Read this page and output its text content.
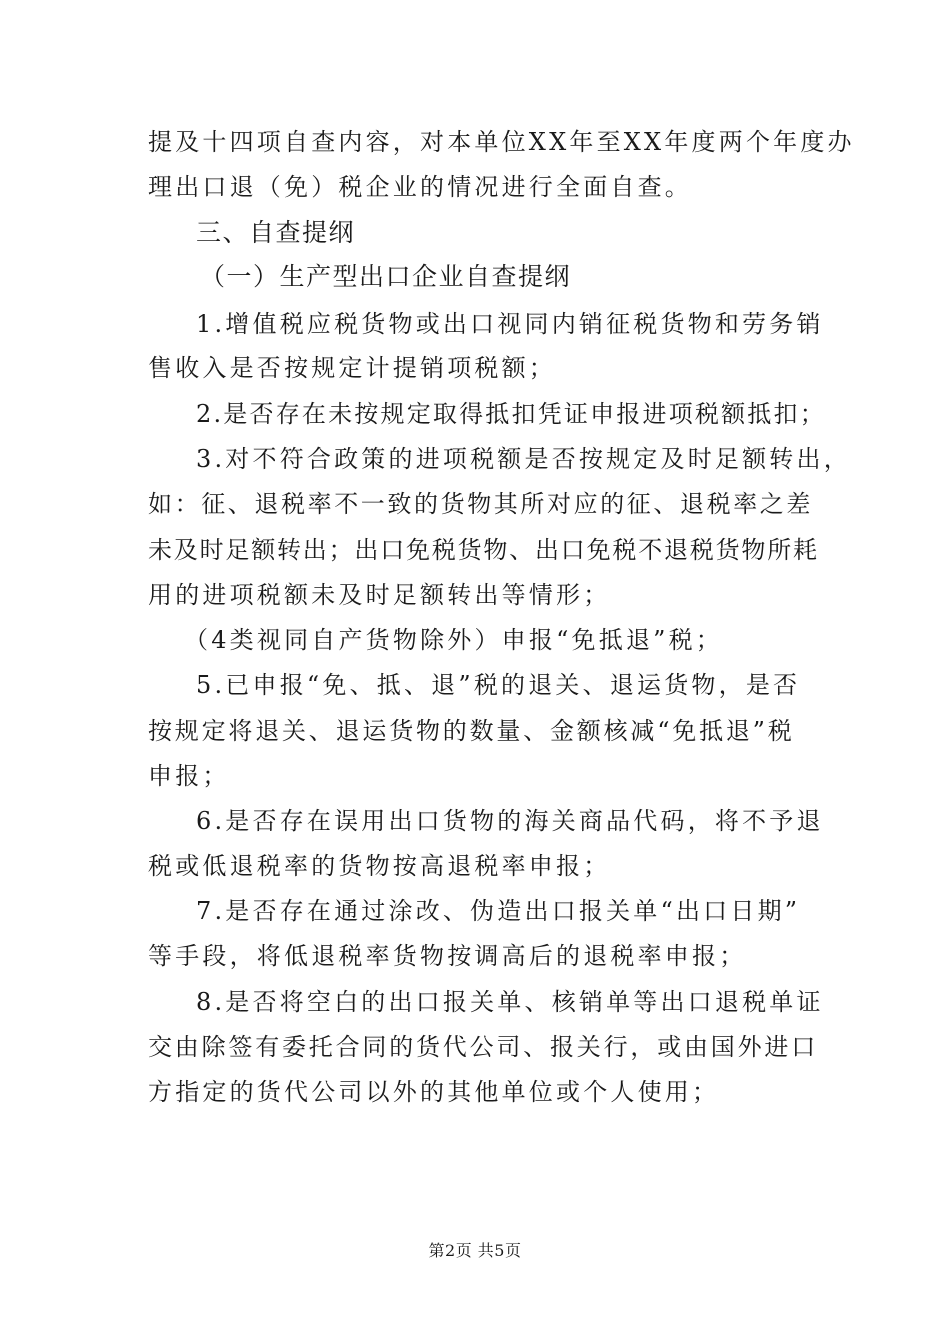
提及十四项自查内容，对本单位XX年至XX年度两个年度办
理出口退（免）税企业的情况进行全面自查。
三、自查提纲
（一）生产型出口企业自查提纲
1.增值税应税货物或出口视同内销征税货物和劳务销
售收入是否按规定计提销项税额；
2.是否存在未按规定取得抵扣凭证申报进项税额抵扣；
3.对不符合政策的进项税额是否按规定及时足额转出，
如：征、退税率不一致的货物其所对应的征、退税率之差
未及时足额转出；出口免税货物、出口免税不退税货物所耗
用的进项税额未及时足额转出等情形；
（4类视同自产货物除外）申报“免抵退”税；
5.已申报“免、抵、退”税的退关、退运货物，是否
按规定将退关、退运货物的数量、金额核减“免抵退”税
申报；
6.是否存在误用出口货物的海关商品代码，将不予退
税或低退税率的货物按高退税率申报；
7.是否存在通过涂改、伪造出口报关单“出口日期”
等手段，将低退税率货物按调高后的退税率申报；
8.是否将空白的出口报关单、核销单等出口退税单证
交由除签有委托合同的货代公司、报关行，或由国外进口
方指定的货代公司以外的其他单位或个人使用；
第2页 共5页
